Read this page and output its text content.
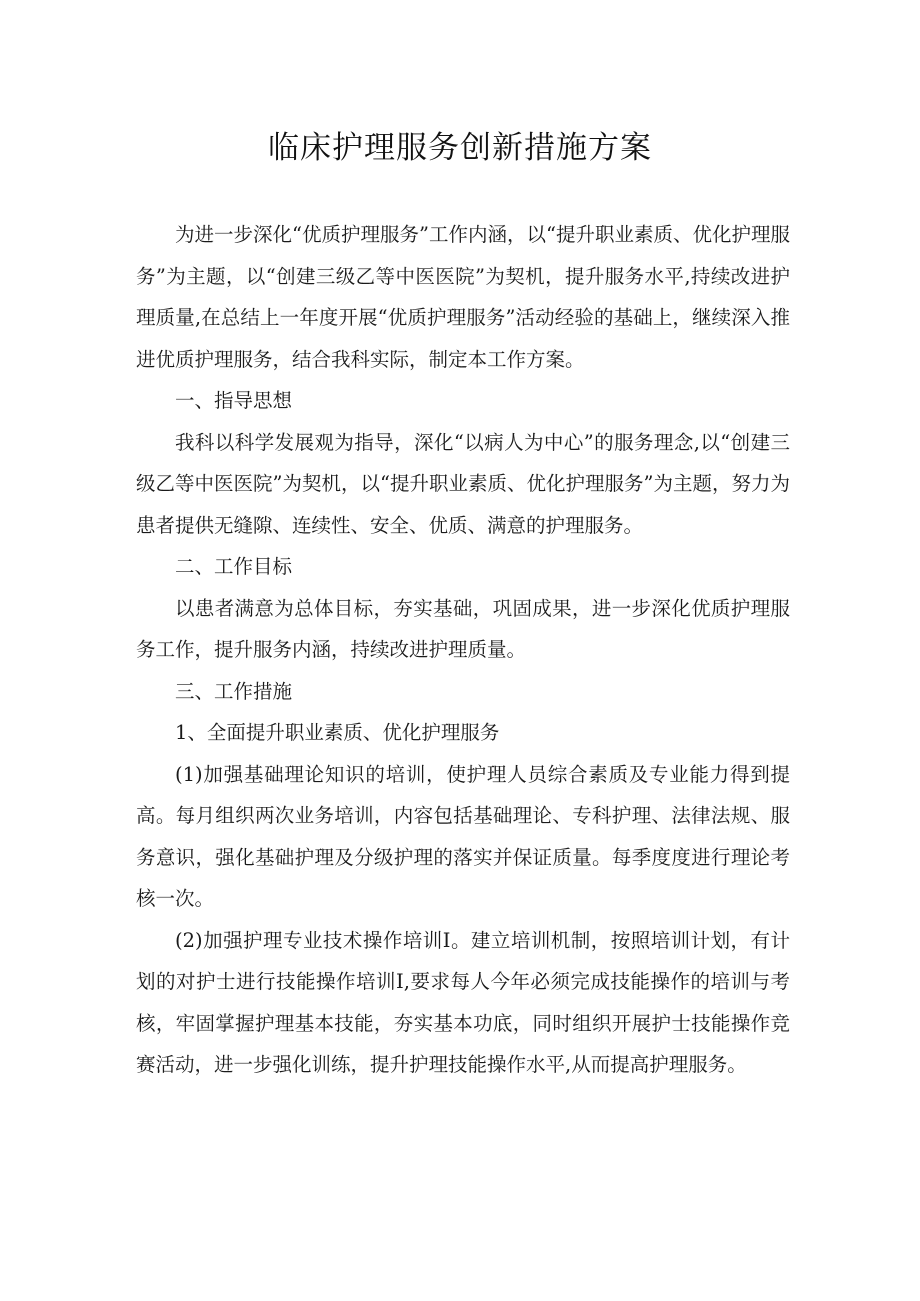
临床护理服务创新措施方案

为进一步深化“优质护理服务”工作内涵，以“提升职业素质、优化护理服务”为主题，以“创建三级乙等中医医院”为契机，提升服务水平,持续改进护理质量,在总结上一年度开展“优质护理服务”活动经验的基础上，继续深入推进优质护理服务，结合我科实际，制定本工作方案。

一、指导思想

我科以科学发展观为指导，深化“以病人为中心”的服务理念,以“创建三级乙等中医医院”为契机，以“提升职业素质、优化护理服务”为主题，努力为患者提供无缝隙、连续性、安全、优质、满意的护理服务。

二、工作目标

以患者满意为总体目标，夯实基础，巩固成果，进一步深化优质护理服务工作，提升服务内涵，持续改进护理质量。

三、工作措施

1、全面提升职业素质、优化护理服务

(1)加强基础理论知识的培训，使护理人员综合素质及专业能力得到提高。每月组织两次业务培训，内容包括基础理论、专科护理、法律法规、服务意识，强化基础护理及分级护理的落实并保证质量。每季度度进行理论考核一次。

(2)加强护理专业技术操作培训I。建立培训机制，按照培训计划，有计划的对护士进行技能操作培训I,要求每人今年必须完成技能操作的培训与考核，牢固掌握护理基本技能，夯实基本功底，同时组织开展护士技能操作竞赛活动，进一步强化训练，提升护理技能操作水平,从而提高护理服务。
